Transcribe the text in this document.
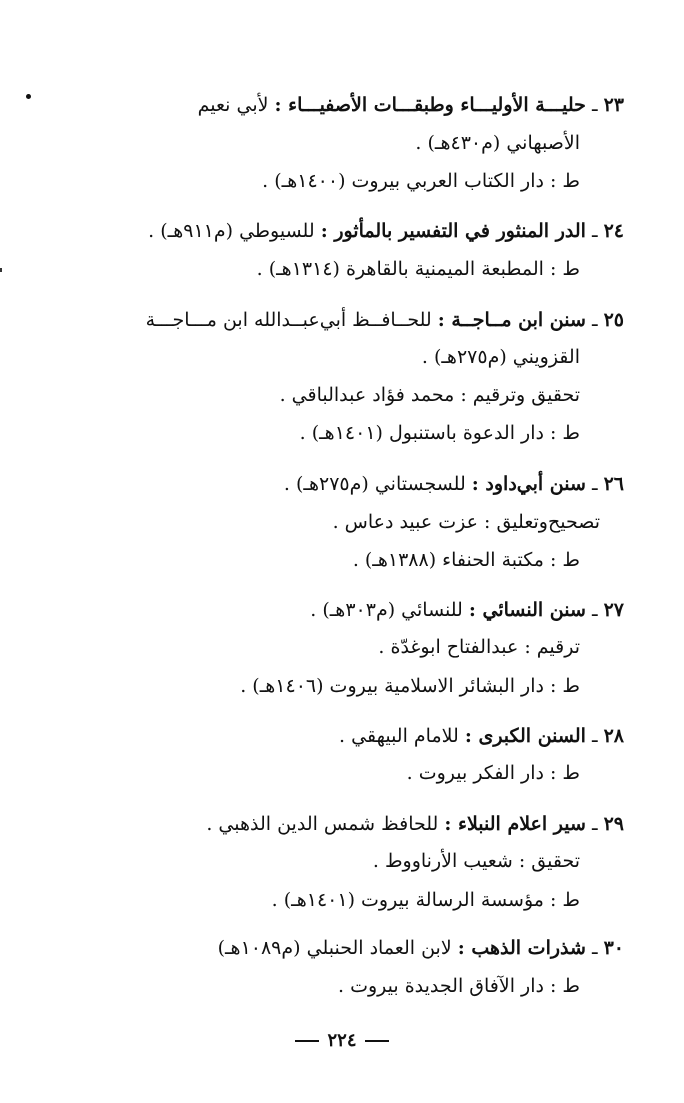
٢٣ ـ حليـــة الأوليـــاء وطبقـــات الأصفيـــاء : لأبي نعيم
الأصبهاني (م٤٣٠هـ) .
ط : دار الكتاب العربي بيروت (١٤٠٠هـ) .
٢٤ ـ الدر المنثور في التفسير بالمأثور : للسيوطي (م٩١١هـ) .
ط : المطبعة الميمنية بالقاهرة (١٣١٤هـ) .
٢٥ ـ سنن ابن مــاجــة : للحــافــظ أبي‌عبــدالله ابن مـــاجـــة
القزويني (م٢٧٥هـ) .
تحقيق وترقيم : محمد فؤاد عبدالباقي .
ط : دار الدعوة باستنبول (١٤٠١هـ) .
٢٦ ـ سنن أبي‌داود : للسجستاني (م٢٧٥هـ) .
تصحيح‌وتعليق : عزت عبيد دعاس .
ط : مكتبة الحنفاء (١٣٨٨هـ) .
٢٧ ـ سنن النسائي : للنسائي (م٣٠٣هـ) .
ترقيم : عبدالفتاح ابوغدّة .
ط : دار البشائر الاسلامية بيروت (١٤٠٦هـ) .
٢٨ ـ السنن الكبرى : للامام البيهقي .
ط : دار الفكر بيروت .
٢٩ ـ سير اعلام النبلاء : للحافظ شمس الدين الذهبي .
تحقيق : شعيب الأرناووط .
ط : مؤسسة الرسالة بيروت (١٤٠١هـ) .
٣٠ ـ شذرات الذهب : لابن العماد الحنبلي (م١٠٨٩هـ)
ط : دار الآفاق الجديدة بيروت .
٢٢٤
